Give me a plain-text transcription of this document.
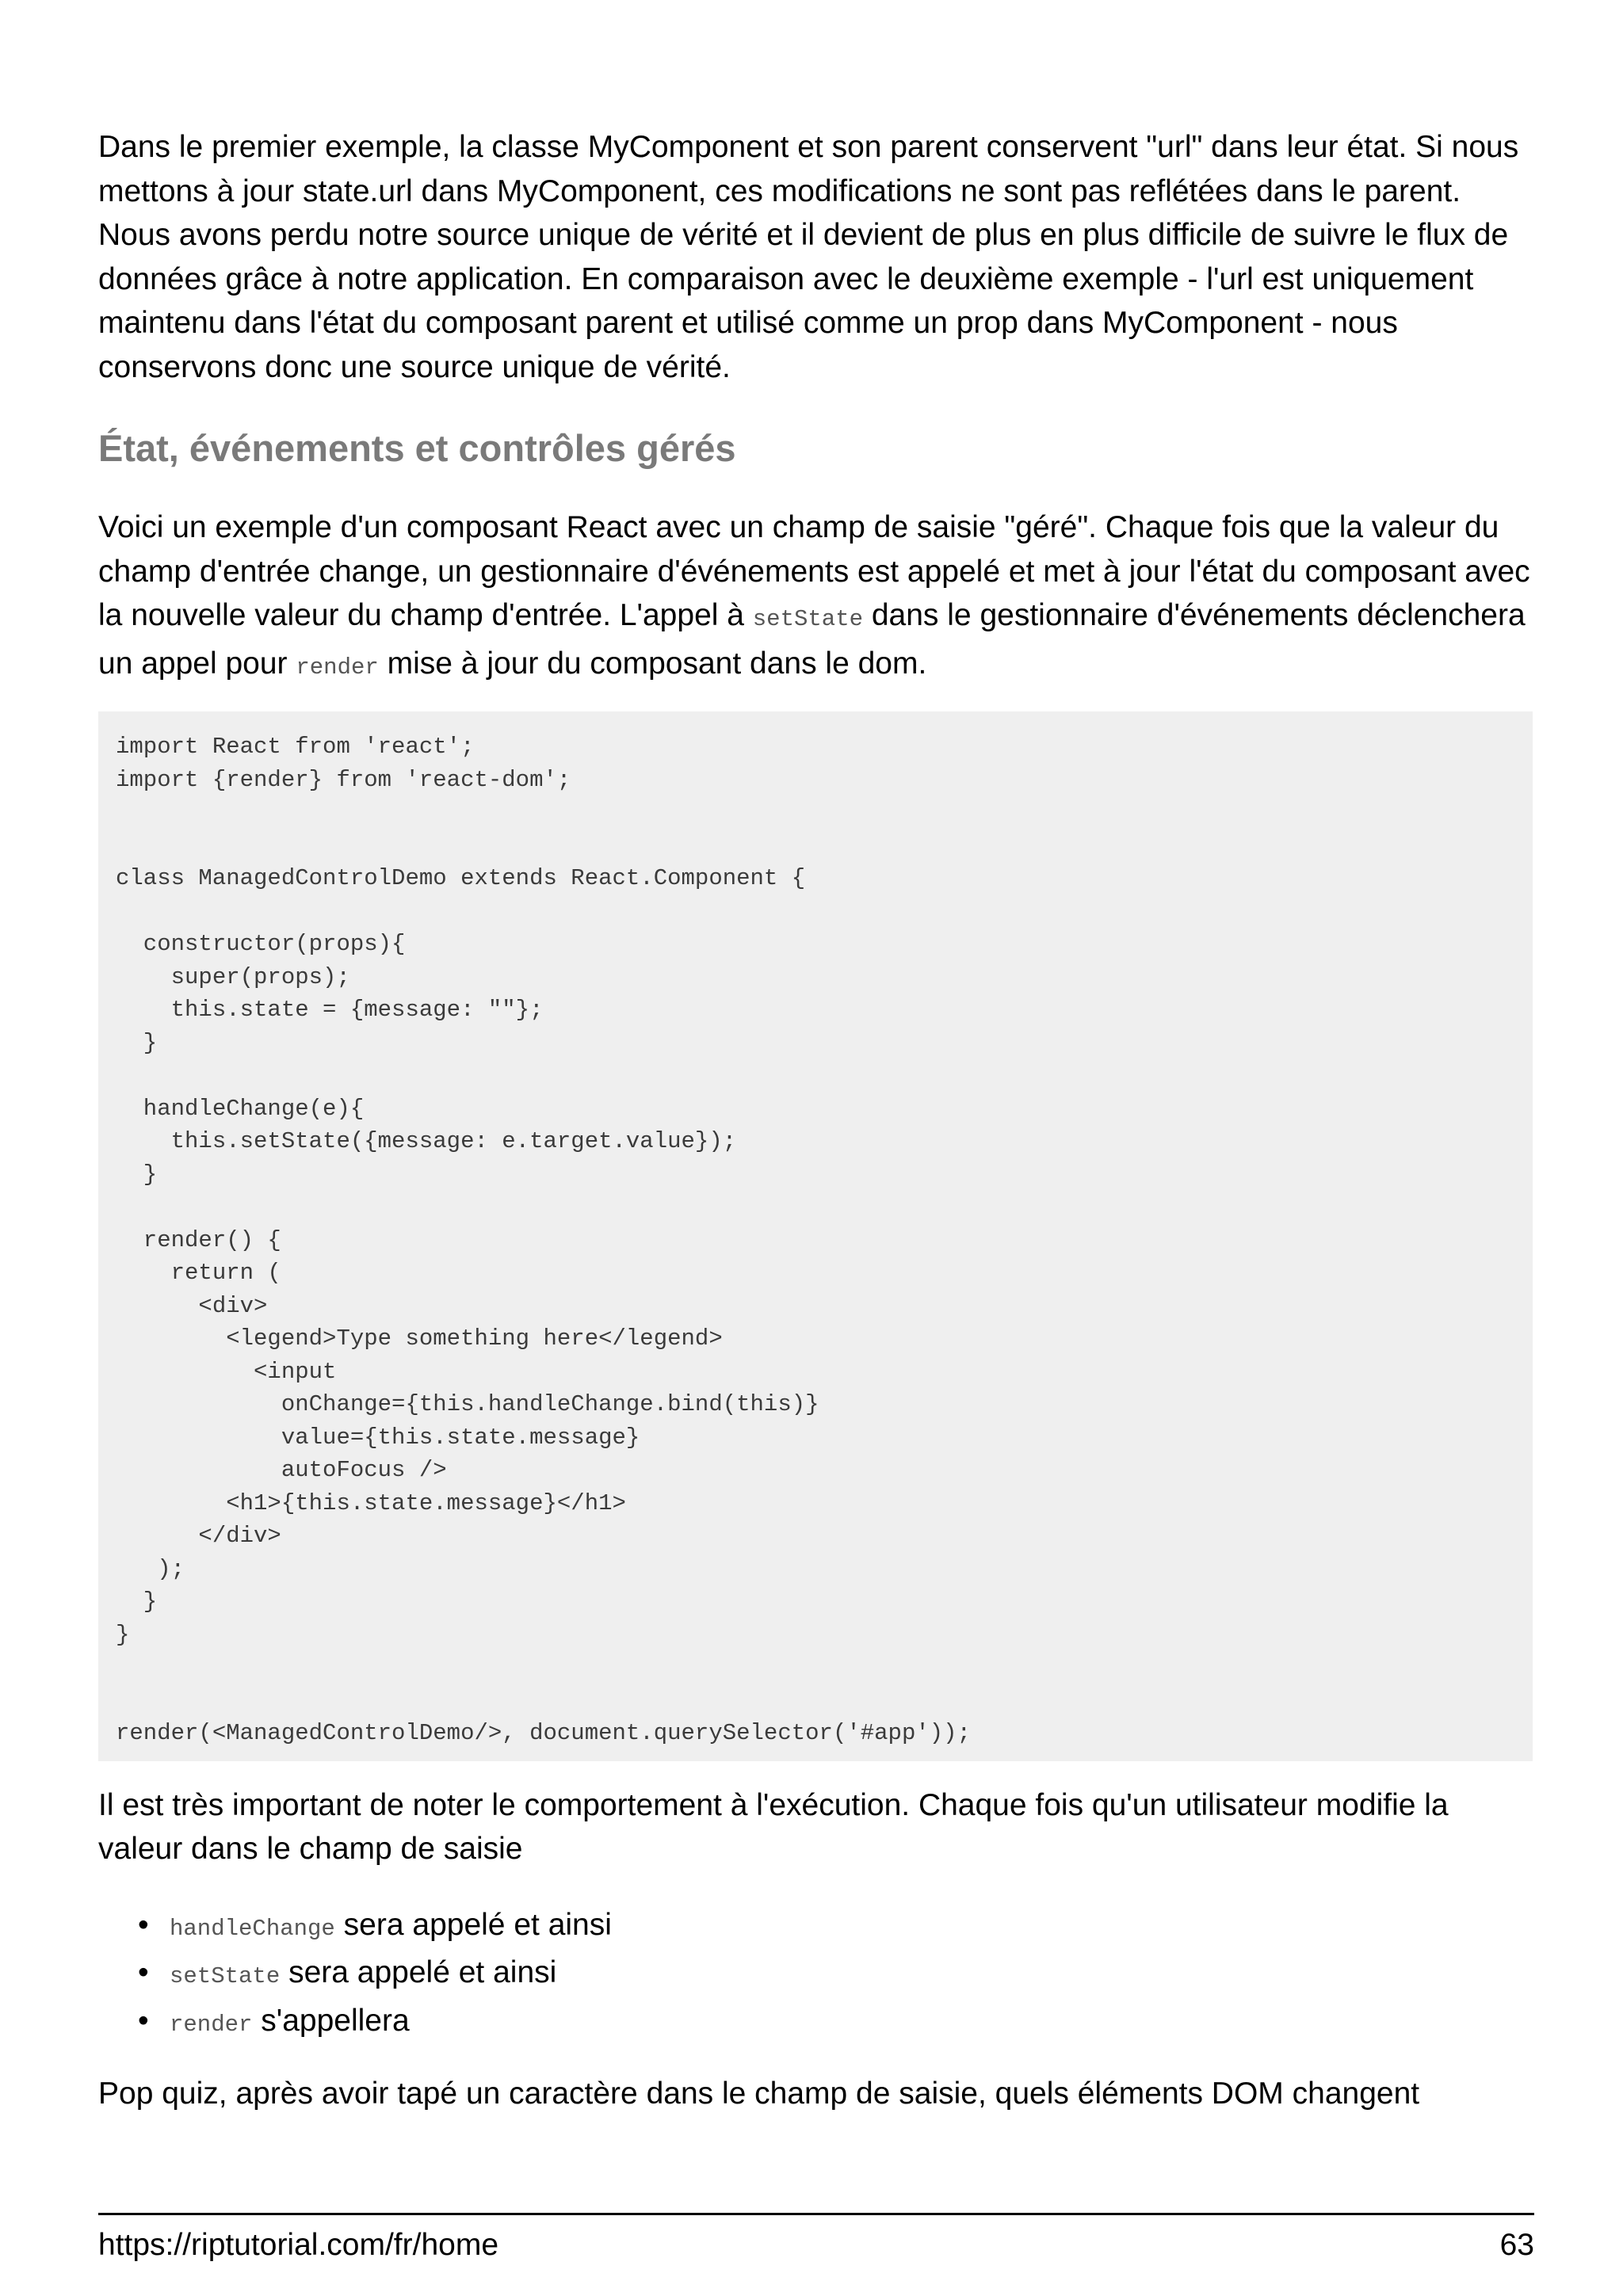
Dans le premier exemple, la classe MyComponent et son parent conservent "url" dans leur état. Si nous mettons à jour state.url dans MyComponent, ces modifications ne sont pas reflétées dans le parent. Nous avons perdu notre source unique de vérité et il devient de plus en plus difficile de suivre le flux de données grâce à notre application. En comparaison avec le deuxième exemple - l'url est uniquement maintenu dans l'état du composant parent et utilisé comme un prop dans MyComponent - nous conservons donc une source unique de vérité.

État, événements et contrôles gérés

Voici un exemple d'un composant React avec un champ de saisie "géré". Chaque fois que la valeur du champ d'entrée change, un gestionnaire d'événements est appelé et met à jour l'état du composant avec la nouvelle valeur du champ d'entrée. L'appel à setState dans le gestionnaire d'événements déclenchera un appel pour render mise à jour du composant dans le dom.

import React from 'react';
import {render} from 'react-dom';

class ManagedControlDemo extends React.Component {

constructor(props){
super(props);
this.state = {message: ""};
}

handleChange(e){
this.setState({message: e.target.value});
}

render() {
return (
<div>
<legend>Type something here</legend>
<input
onChange={this.handleChange.bind(this)}
value={this.state.message}
autoFocus />
<h1>{this.state.message}</h1>
</div>
);
}
}

render(<ManagedControlDemo/>, document.querySelector('#app'));

Il est très important de noter le comportement à l'exécution. Chaque fois qu'un utilisateur modifie la valeur dans le champ de saisie

• handleChange sera appelé et ainsi
• setState sera appelé et ainsi
• render s'appellera

Pop quiz, après avoir tapé un caractère dans le champ de saisie, quels éléments DOM changent

https://riptutorial.com/fr/home	63
